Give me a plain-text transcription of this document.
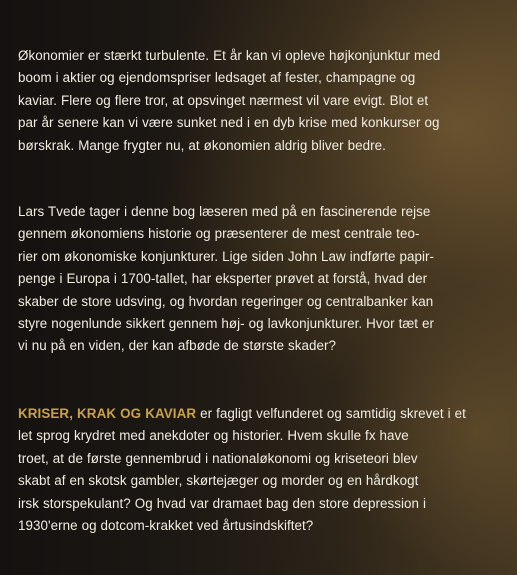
Økonomier er stærkt turbulente. Et år kan vi opleve højkonjunktur med
boom i aktier og ejendomspriser ledsaget af fester, champagne og
kaviar. Flere og flere tror, at opsvinget nærmest vil vare evigt. Blot et
par år senere kan vi være sunket ned i en dyb krise med konkurser og
børskrak. Mange frygter nu, at økonomien aldrig bliver bedre.

Lars Tvede tager i denne bog læseren med på en fascinerende rejse
gennem økonomiens historie og præsenterer de mest centrale teo-
rier om økonomiske konjunkturer. Lige siden John Law indførte papir-
penge i Europa i 1700-tallet, har eksperter prøvet at forstå, hvad der
skaber de store udsving, og hvordan regeringer og centralbanker kan
styre nogenlunde sikkert gennem høj- og lavkonjunkturer. Hvor tæt er
vi nu på en viden, der kan afbøde de største skader?

KRISER, KRAK OG KAVIAR er fagligt velfunderet og samtidig skrevet i et
let sprog krydret med anekdoter og historier. Hvem skulle fx have
troet, at de første gennembrud i nationaløkonomi og kriseteori blev
skabt af en skotsk gambler, skørtejæger og morder og en hårdkogt
irsk storspekulant? Og hvad var dramaet bag den store depression i
1930'erne og dotcom-krakket ved årtusindskiftet?
